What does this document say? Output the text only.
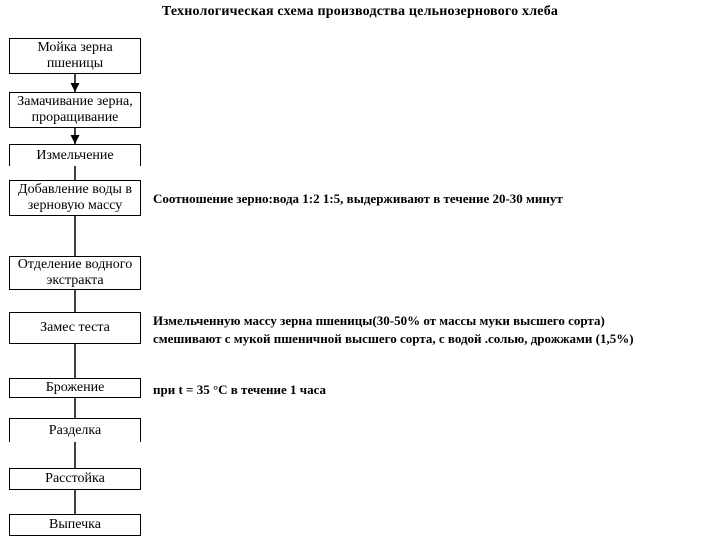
Технологическая схема производства цельнозернового хлеба
Мойка зерна пшеницы
Замачивание зерна, проращивание
Измельчение
Добавление воды в зерновую массу
Отделение водного экстракта
Замес теста
Брожение
Разделка
Расстойка
Выпечка
Соотношение зерно:вода 1:2 1:5, выдерживают в течение 20-30 минут
Измельченную массу зерна пшеницы(30-50% от массы муки высшего сорта)
смешивают с мукой пшеничной высшего сорта, с водой .солью, дрожжами (1,5%)
при t = 35 °С в течение 1 часа
